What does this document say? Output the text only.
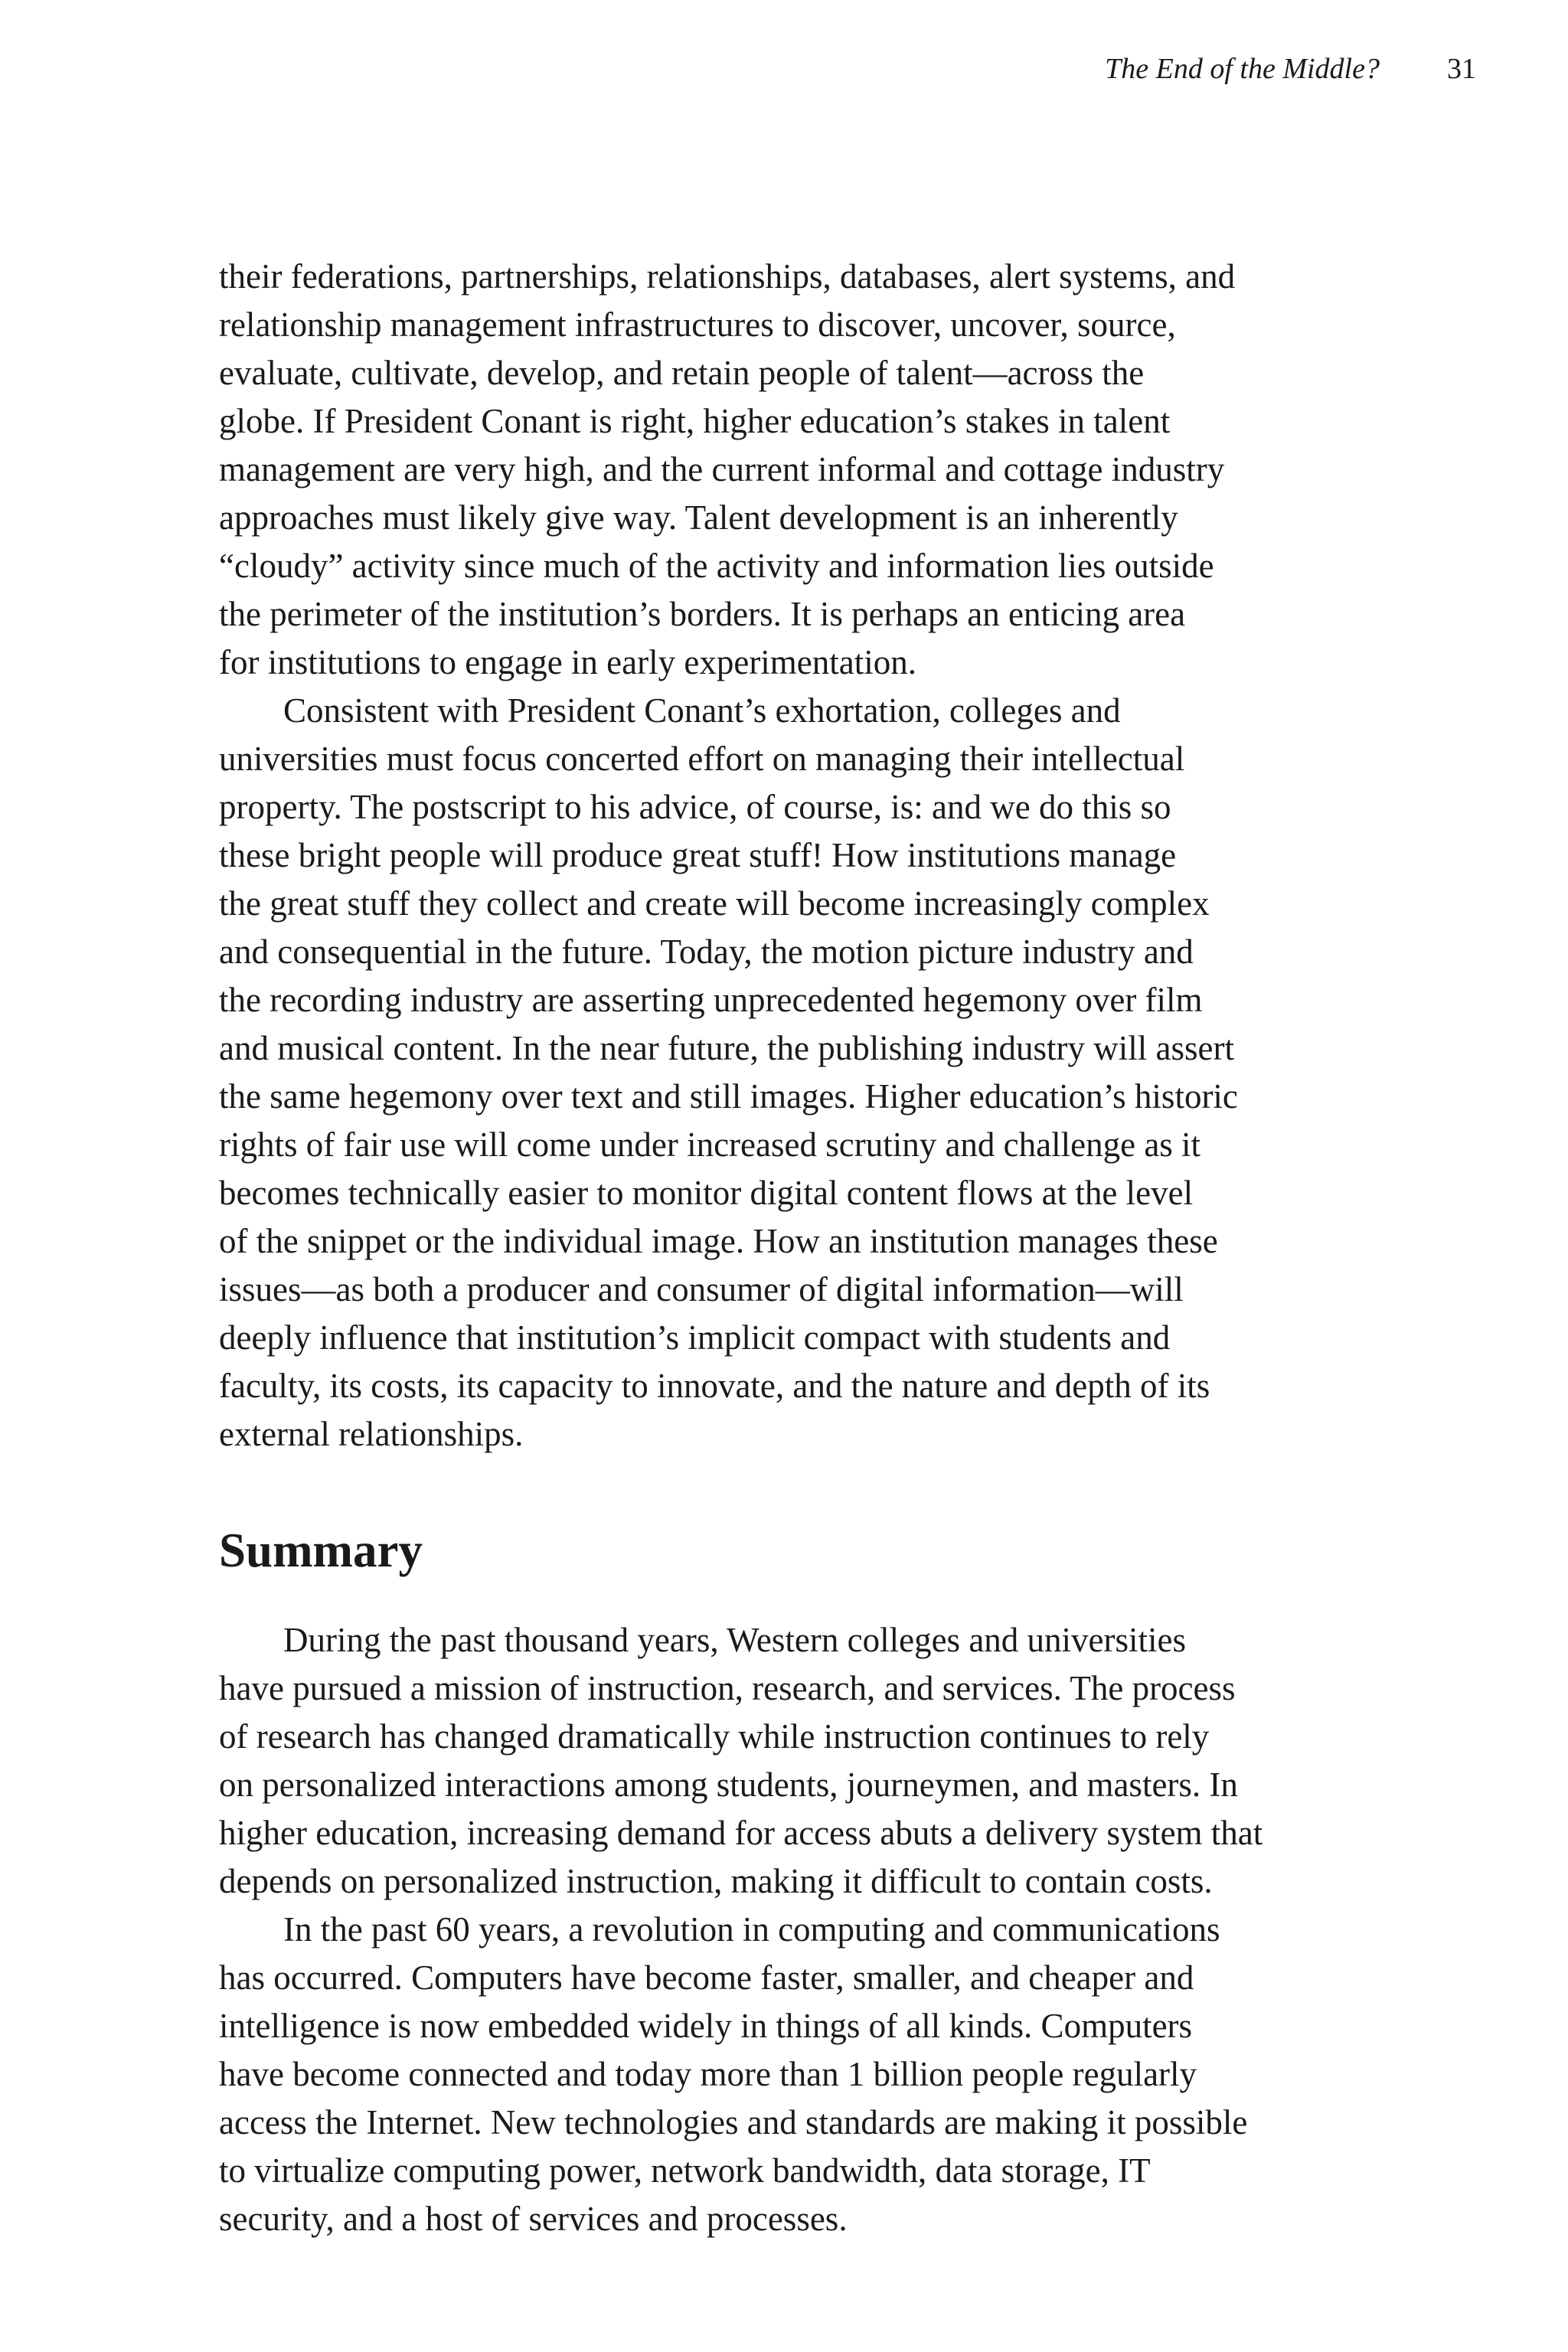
The End of the Middle? 31
their federations, partnerships, relationships, databases, alert systems, and
relationship management infrastructures to discover, uncover, source,
evaluate, cultivate, develop, and retain people of talent—across the
globe. If President Conant is right, higher education’s stakes in talent
management are very high, and the current informal and cottage industry
approaches must likely give way. Talent development is an inherently
“cloudy” activity since much of the activity and information lies outside
the perimeter of the institution’s borders. It is perhaps an enticing area
for institutions to engage in early experimentation.
Consistent with President Conant’s exhortation, colleges and
universities must focus concerted effort on managing their intellectual
property. The postscript to his advice, of course, is: and we do this so
these bright people will produce great stuff! How institutions manage
the great stuff they collect and create will become increasingly complex
and consequential in the future. Today, the motion picture industry and
the recording industry are asserting unprecedented hegemony over film
and musical content. In the near future, the publishing industry will assert
the same hegemony over text and still images. Higher education’s historic
rights of fair use will come under increased scrutiny and challenge as it
becomes technically easier to monitor digital content flows at the level
of the snippet or the individual image. How an institution manages these
issues—as both a producer and consumer of digital information—will
deeply influence that institution’s implicit compact with students and
faculty, its costs, its capacity to innovate, and the nature and depth of its
external relationships.
Summary
During the past thousand years, Western colleges and universities
have pursued a mission of instruction, research, and services. The process
of research has changed dramatically while instruction continues to rely
on personalized interactions among students, journeymen, and masters. In
higher education, increasing demand for access abuts a delivery system that
depends on personalized instruction, making it difficult to contain costs.
In the past 60 years, a revolution in computing and communications
has occurred. Computers have become faster, smaller, and cheaper and
intelligence is now embedded widely in things of all kinds. Computers
have become connected and today more than 1 billion people regularly
access the Internet. New technologies and standards are making it possible
to virtualize computing power, network bandwidth, data storage, IT
security, and a host of services and processes.
